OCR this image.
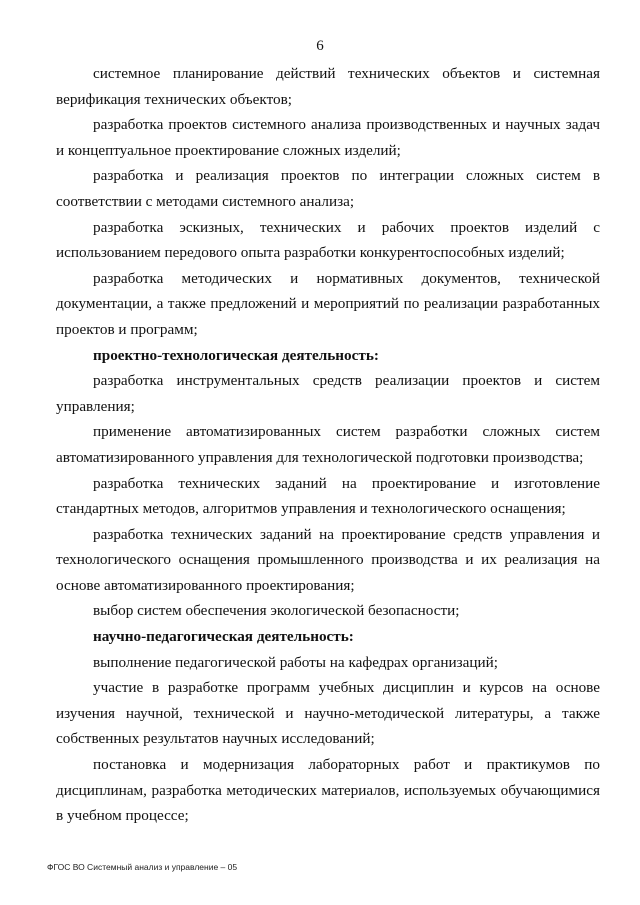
6

системное планирование действий технических объектов и системная верификация технических объектов;

разработка проектов системного анализа производственных и научных задач и концептуальное проектирование сложных изделий;

разработка и реализация проектов по интеграции сложных систем в соответствии с методами системного анализа;

разработка эскизных, технических и рабочих проектов изделий с использованием передового опыта разработки конкурентоспособных изделий;

разработка методических и нормативных документов, технической документации, а также предложений и мероприятий по реализации разработанных проектов и программ;

проектно-технологическая деятельность:

разработка инструментальных средств реализации проектов и систем управления;

применение автоматизированных систем разработки сложных систем автоматизированного управления для технологической подготовки производства;

разработка технических заданий на проектирование и изготовление стандартных методов, алгоритмов управления и технологического оснащения;

разработка технических заданий на проектирование средств управления и технологического оснащения промышленного производства и их реализация на основе автоматизированного проектирования;

выбор систем обеспечения экологической безопасности;

научно-педагогическая деятельность:

выполнение педагогической работы на кафедрах организаций;

участие в разработке программ учебных дисциплин и курсов на основе изучения научной, технической и научно-методической литературы, а также собственных результатов научных исследований;

постановка и модернизация лабораторных работ и практикумов по дисциплинам, разработка методических материалов, используемых обучающимися в учебном процессе;

ФГОС ВО Системный анализ и управление – 05
